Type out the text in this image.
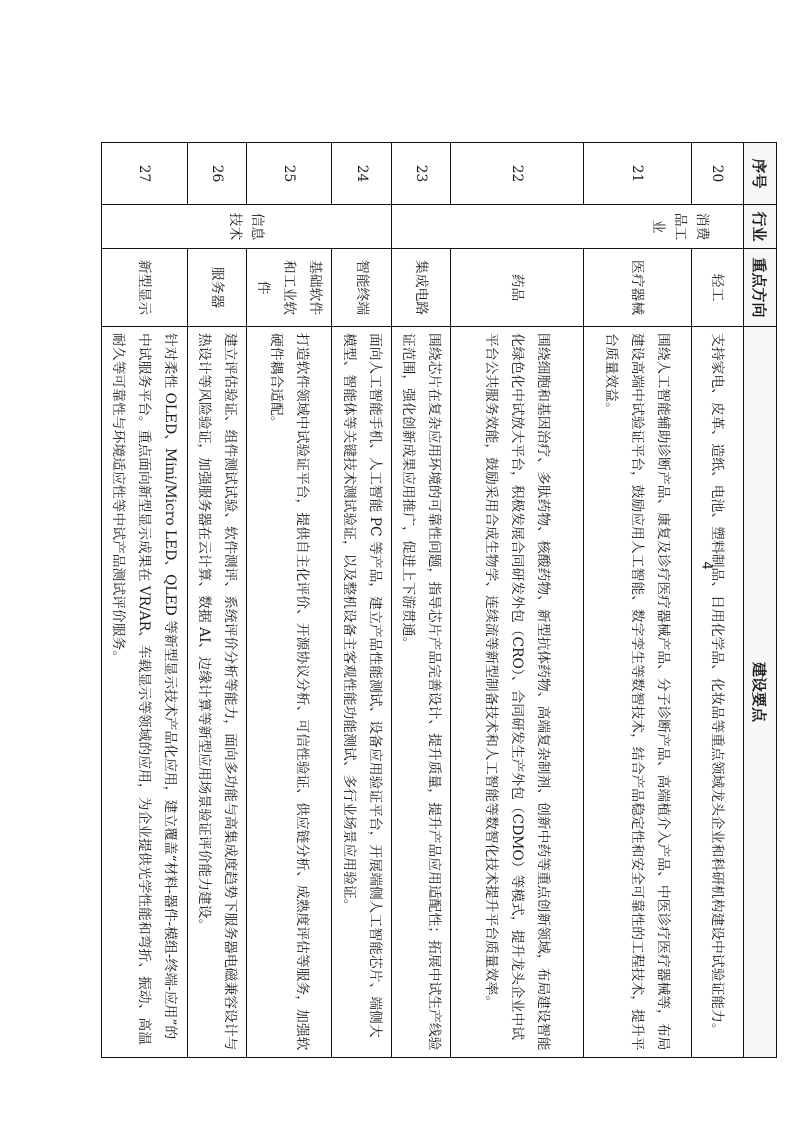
序号	行业	重点方向	建设要点
20	消费品工业	轻工	支持家电、皮革、造纸、电池、塑料制品、日用化学品、化妆品等重点领域龙头企业和科研机构建设中试验证能力。
21		医疗器械	围绕人工智能辅助诊断产品、康复及诊疗医疗器械产品、分子诊断产品、高端植介入产品、中医诊疗医疗器械等，布局建设高端中试验证平台，鼓励应用人工智能、数字孪生等数智技术，结合产品稳定性和安全可靠性的工程技术，提升平台质量效益。
22		药品	围绕细胞和基因治疗、多肽药物、核酸药物、新型抗体药物、高端复杂制剂、创新中药等重点创新领域，布局建设智能化绿色化中试放大平台，积极发展合同研发外包（CRO）、合同研发生产外包（CDMO）等模式，提升龙头企业中试平台公共服务效能，鼓励采用合成生物学、连续流等新型制备技术和人工智能等数智化技术提升平台质量效率。
23		集成电路	围绕芯片在复杂应用环境的可靠性问题，指导芯片产品完善设计、提升质量，提升产品应用适配性；拓展中试生产线验证范围，强化创新成果应用推广，促进上下游贯通。
24	信息技术	智能终端	面向人工智能手机、人工智能 PC 等产品，建立产品性能测试、设备应用验证平台，开展端侧人工智能芯片、端侧大模型、智能体等关键技术测试验证，以及整机设备主客观性能功能测试、多行业场景应用验证。
25		基础软件和工业软件	打造软件领域中试验证平台，提供自主化评价、开源协议分析、可信性验证、供应链分析、成熟度评估等服务，加强软硬件耦合适配。
26		服务器	建立评估验证、组件测试试验、软件测评、系统评价分析等能力，面向多功能与高集成度趋势下服务器电磁兼容设计与热设计等风险验证，加强服务器在云计算、数据 AI、边缘计算等新型应用场景验证评价能力建设。
27		新型显示	针对柔性 OLED、Mini/Micro LED、QLED 等新型显示技术产品化应用，建立覆盖“材料-器件-模组-终端-应用”的中试服务平台。重点面向新型显示成果在 VR/AR、车载显示等领域的应用，为企业提供光学性能和弯折、振动、高温耐久等可靠性与环境适应性等中试产品测试评价服务。	4
